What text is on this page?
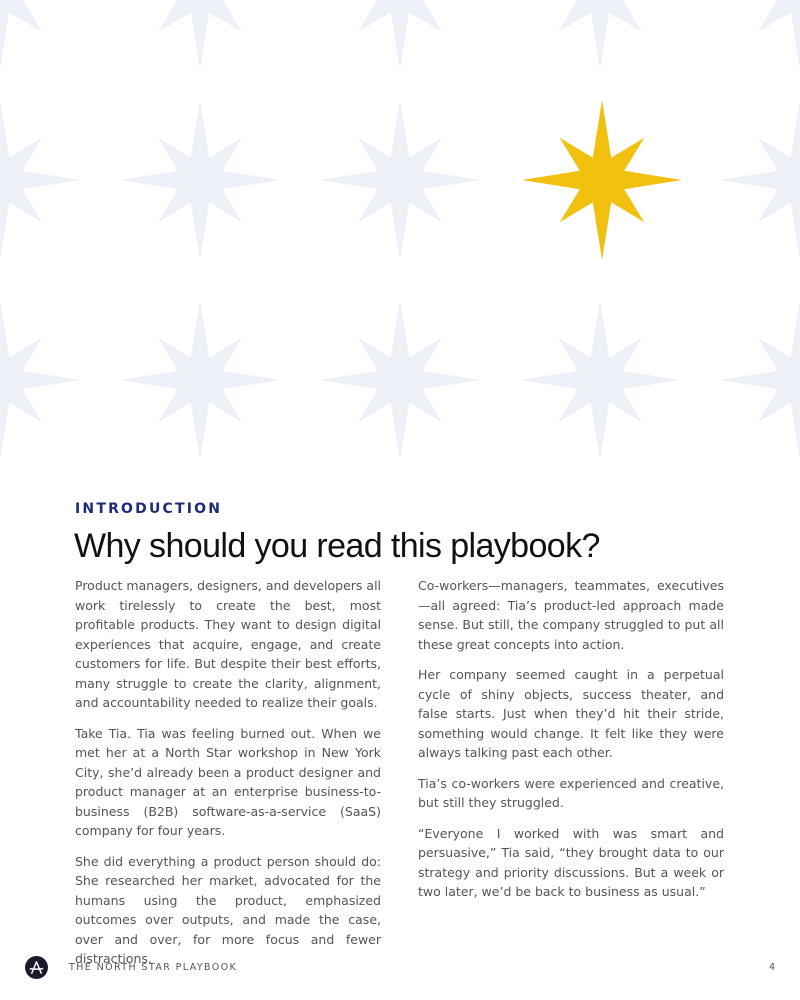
INTRODUCTION
Why should you read this playbook?

Product managers, designers, and developers all work tirelessly to create the best, most profitable products. They want to design digital experiences that acquire, engage, and create customers for life. But despite their best efforts, many struggle to create the clarity, alignment, and accountability needed to realize their goals.

Take Tia. Tia was feeling burned out. When we met her at a North Star workshop in New York City, she’d already been a product designer and product manager at an enterprise business-to-business (B2B) software-as-a-service (SaaS) company for four years.

She did everything a product person should do: She researched her market, advocated for the humans using the product, emphasized outcomes over outputs, and made the case, over and over, for more focus and fewer distractions.

Co-workers—managers, teammates, executives—all agreed: Tia’s product-led approach made sense. But still, the company struggled to put all these great concepts into action.

Her company seemed caught in a perpetual cycle of shiny objects, success theater, and false starts. Just when they’d hit their stride, something would change. It felt like they were always talking past each other.

Tia’s co-workers were experienced and creative, but still they struggled.

“Everyone I worked with was smart and persuasive,” Tia said, “they brought data to our strategy and priority discussions. But a week or two later, we’d be back to business as usual.”

THE NORTH STAR PLAYBOOK	4
